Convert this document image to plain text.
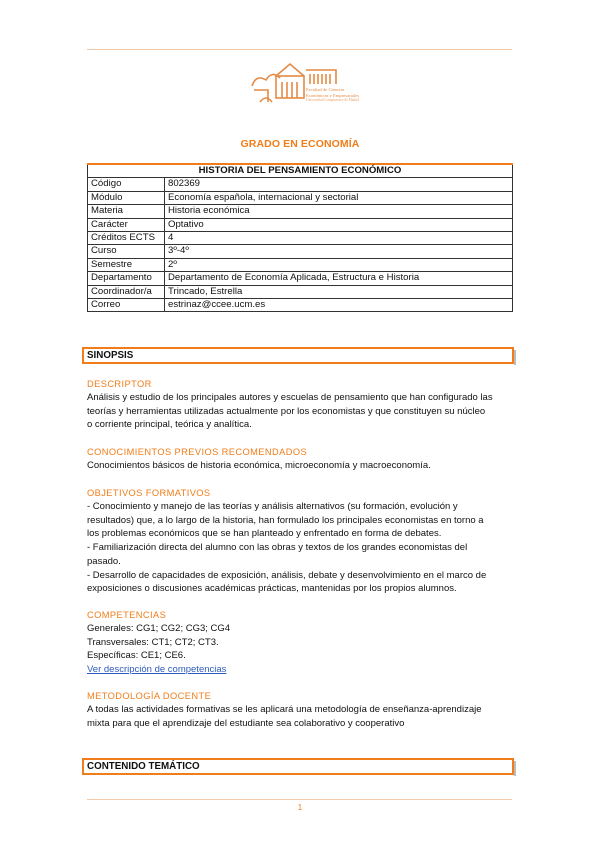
Facultad de Ciencias
Económicas y Empresariales
Universidad Complutense de Madrid
GRADO EN ECONOMÍA
HISTORIA DEL PENSAMIENTO ECONÓMICO	
Código	802369
Módulo	Economía española, internacional y sectorial
Materia	Historia económica
Carácter	Optativo
Créditos ECTS	4
Curso	3º-4º
Semestre	2º
Departamento	Departamento de Economía Aplicada, Estructura e Historia
Coordinador/a	Trincado, Estrella
Correo	estrinaz@ccee.ucm.es
SINOPSIS
DESCRIPTOR
Análisis y estudio de los principales autores y escuelas de pensamiento que han configurado las
teorías y herramientas utilizadas actualmente por los economistas y que constituyen su núcleo
o corriente principal, teórica y analítica.
CONOCIMIENTOS PREVIOS RECOMENDADOS
Conocimientos básicos de historia económica, microeconomía y macroeconomía.
OBJETIVOS FORMATIVOS
- Conocimiento y manejo de las teorías y análisis alternativos (su formación, evolución y
resultados) que, a lo largo de la historia, han formulado los principales economistas en torno a
los problemas económicos que se han planteado y enfrentado en forma de debates.
- Familiarización directa del alumno con las obras y textos de los grandes economistas del
pasado.
- Desarrollo de capacidades de exposición, análisis, debate y desenvolvimiento en el marco de
exposiciones o discusiones académicas prácticas, mantenidas por los propios alumnos.
COMPETENCIAS
Generales: CG1; CG2; CG3; CG4
Transversales: CT1; CT2; CT3.
Específicas: CE1; CE6.
Ver descripción de competencias
METODOLOGÍA DOCENTE
A todas las actividades formativas se les aplicará una metodología de enseñanza-aprendizaje
mixta para que el aprendizaje del estudiante sea colaborativo y cooperativo
CONTENIDO TEMÁTICO
1
